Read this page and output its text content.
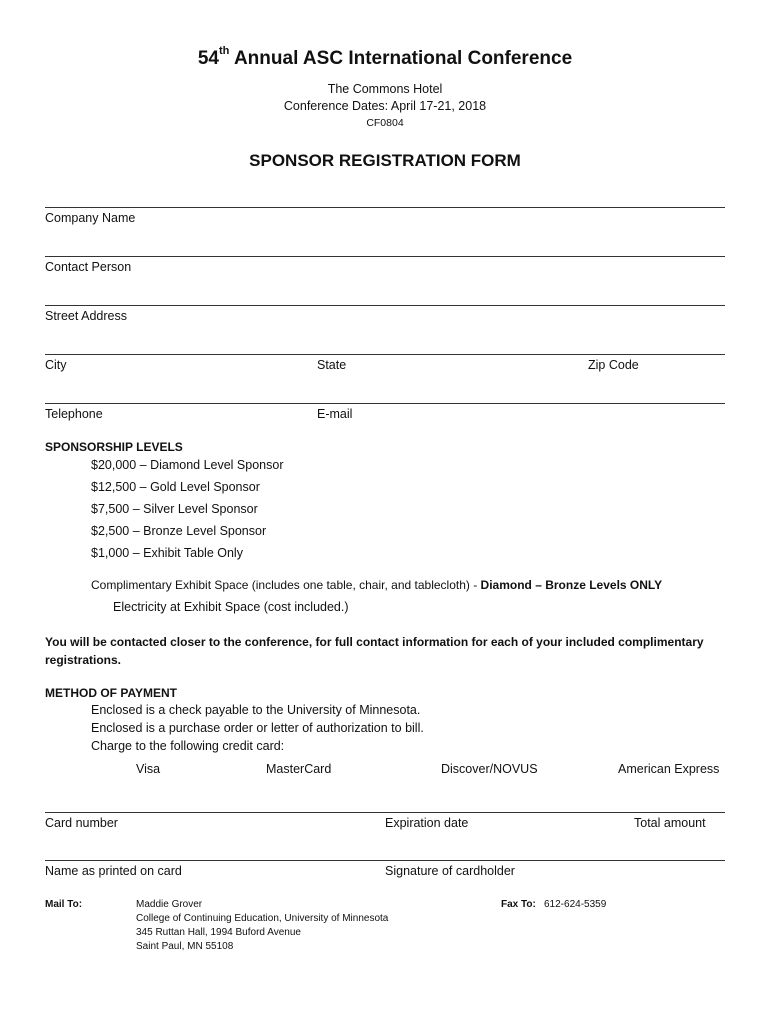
54th Annual ASC International Conference
The Commons Hotel
Conference Dates: April 17-21, 2018
CF0804
SPONSOR REGISTRATION FORM
Company Name
Contact Person
Street Address
City	State	Zip Code
Telephone	E-mail
SPONSORSHIP LEVELS
$20,000 – Diamond Level Sponsor
$12,500 – Gold Level Sponsor
$7,500 – Silver Level Sponsor
$2,500 – Bronze Level Sponsor
$1,000 – Exhibit Table Only
Complimentary Exhibit Space (includes one table, chair, and tablecloth) - Diamond – Bronze Levels ONLY
Electricity at Exhibit Space (cost included.)
You will be contacted closer to the conference, for full contact information for each of your included complimentary
registrations.
METHOD OF PAYMENT
Enclosed is a check payable to the University of Minnesota.
Enclosed is a purchase order or letter of authorization to bill.
Charge to the following credit card:
Visa	MasterCard	Discover/NOVUS	American Express
Card number	Expiration date	Total amount
Name as printed on card	Signature of cardholder
Mail To:	Maddie Grover
College of Continuing Education, University of Minnesota
345 Ruttan Hall, 1994 Buford Avenue
Saint Paul, MN 55108
Fax To: 612-624-5359
